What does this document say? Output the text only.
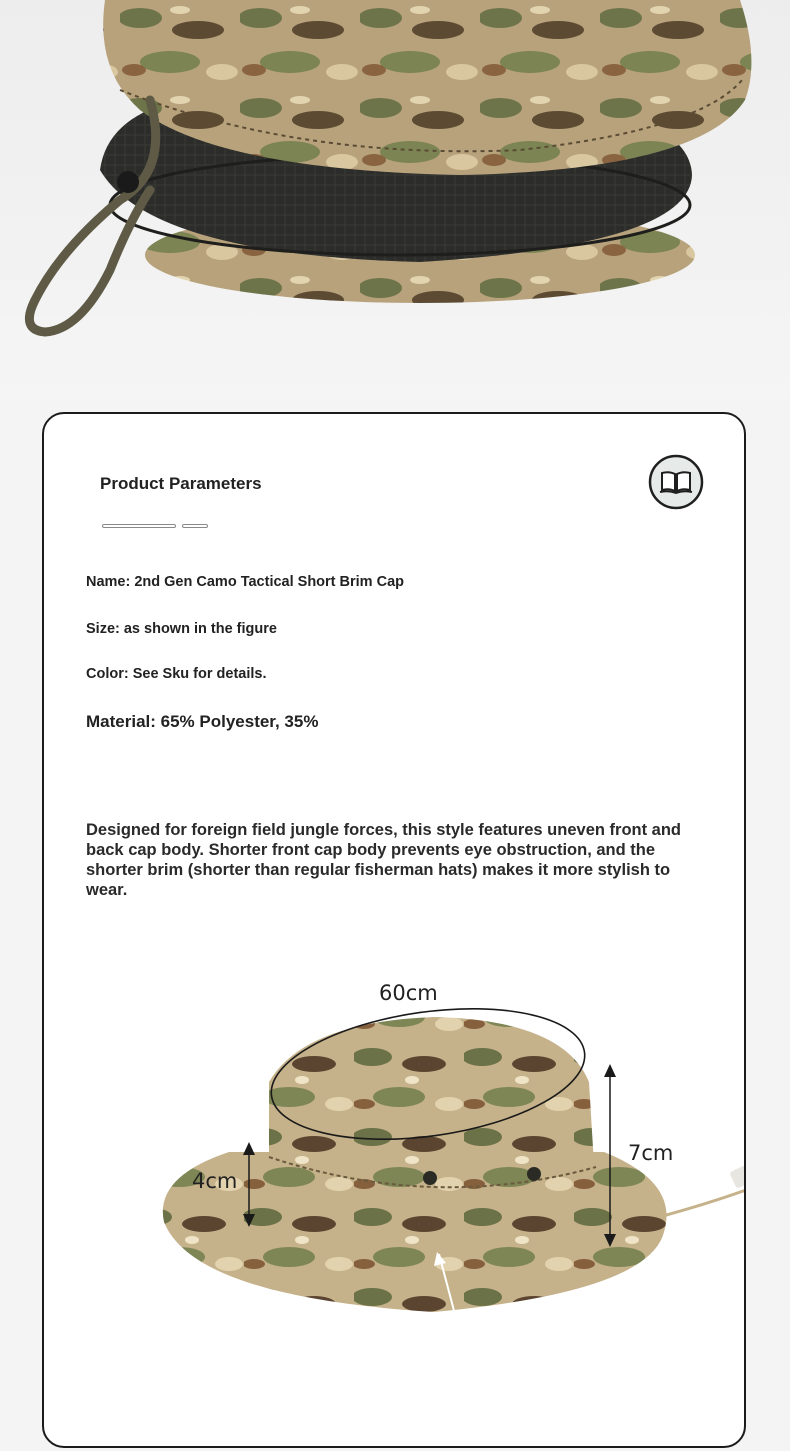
Product Parameters
Name: 2nd Gen Camo Tactical Short Brim Cap
Size: as shown in the figure
Color: See Sku for details.
Material: 65% Polyester, 35%
Designed for foreign field jungle forces, this style features uneven front and back cap body. Shorter front cap body prevents eye obstruction, and the shorter brim (shorter than regular fisherman hats) makes it more stylish to wear.
60cm
7cm
4cm
5cm
